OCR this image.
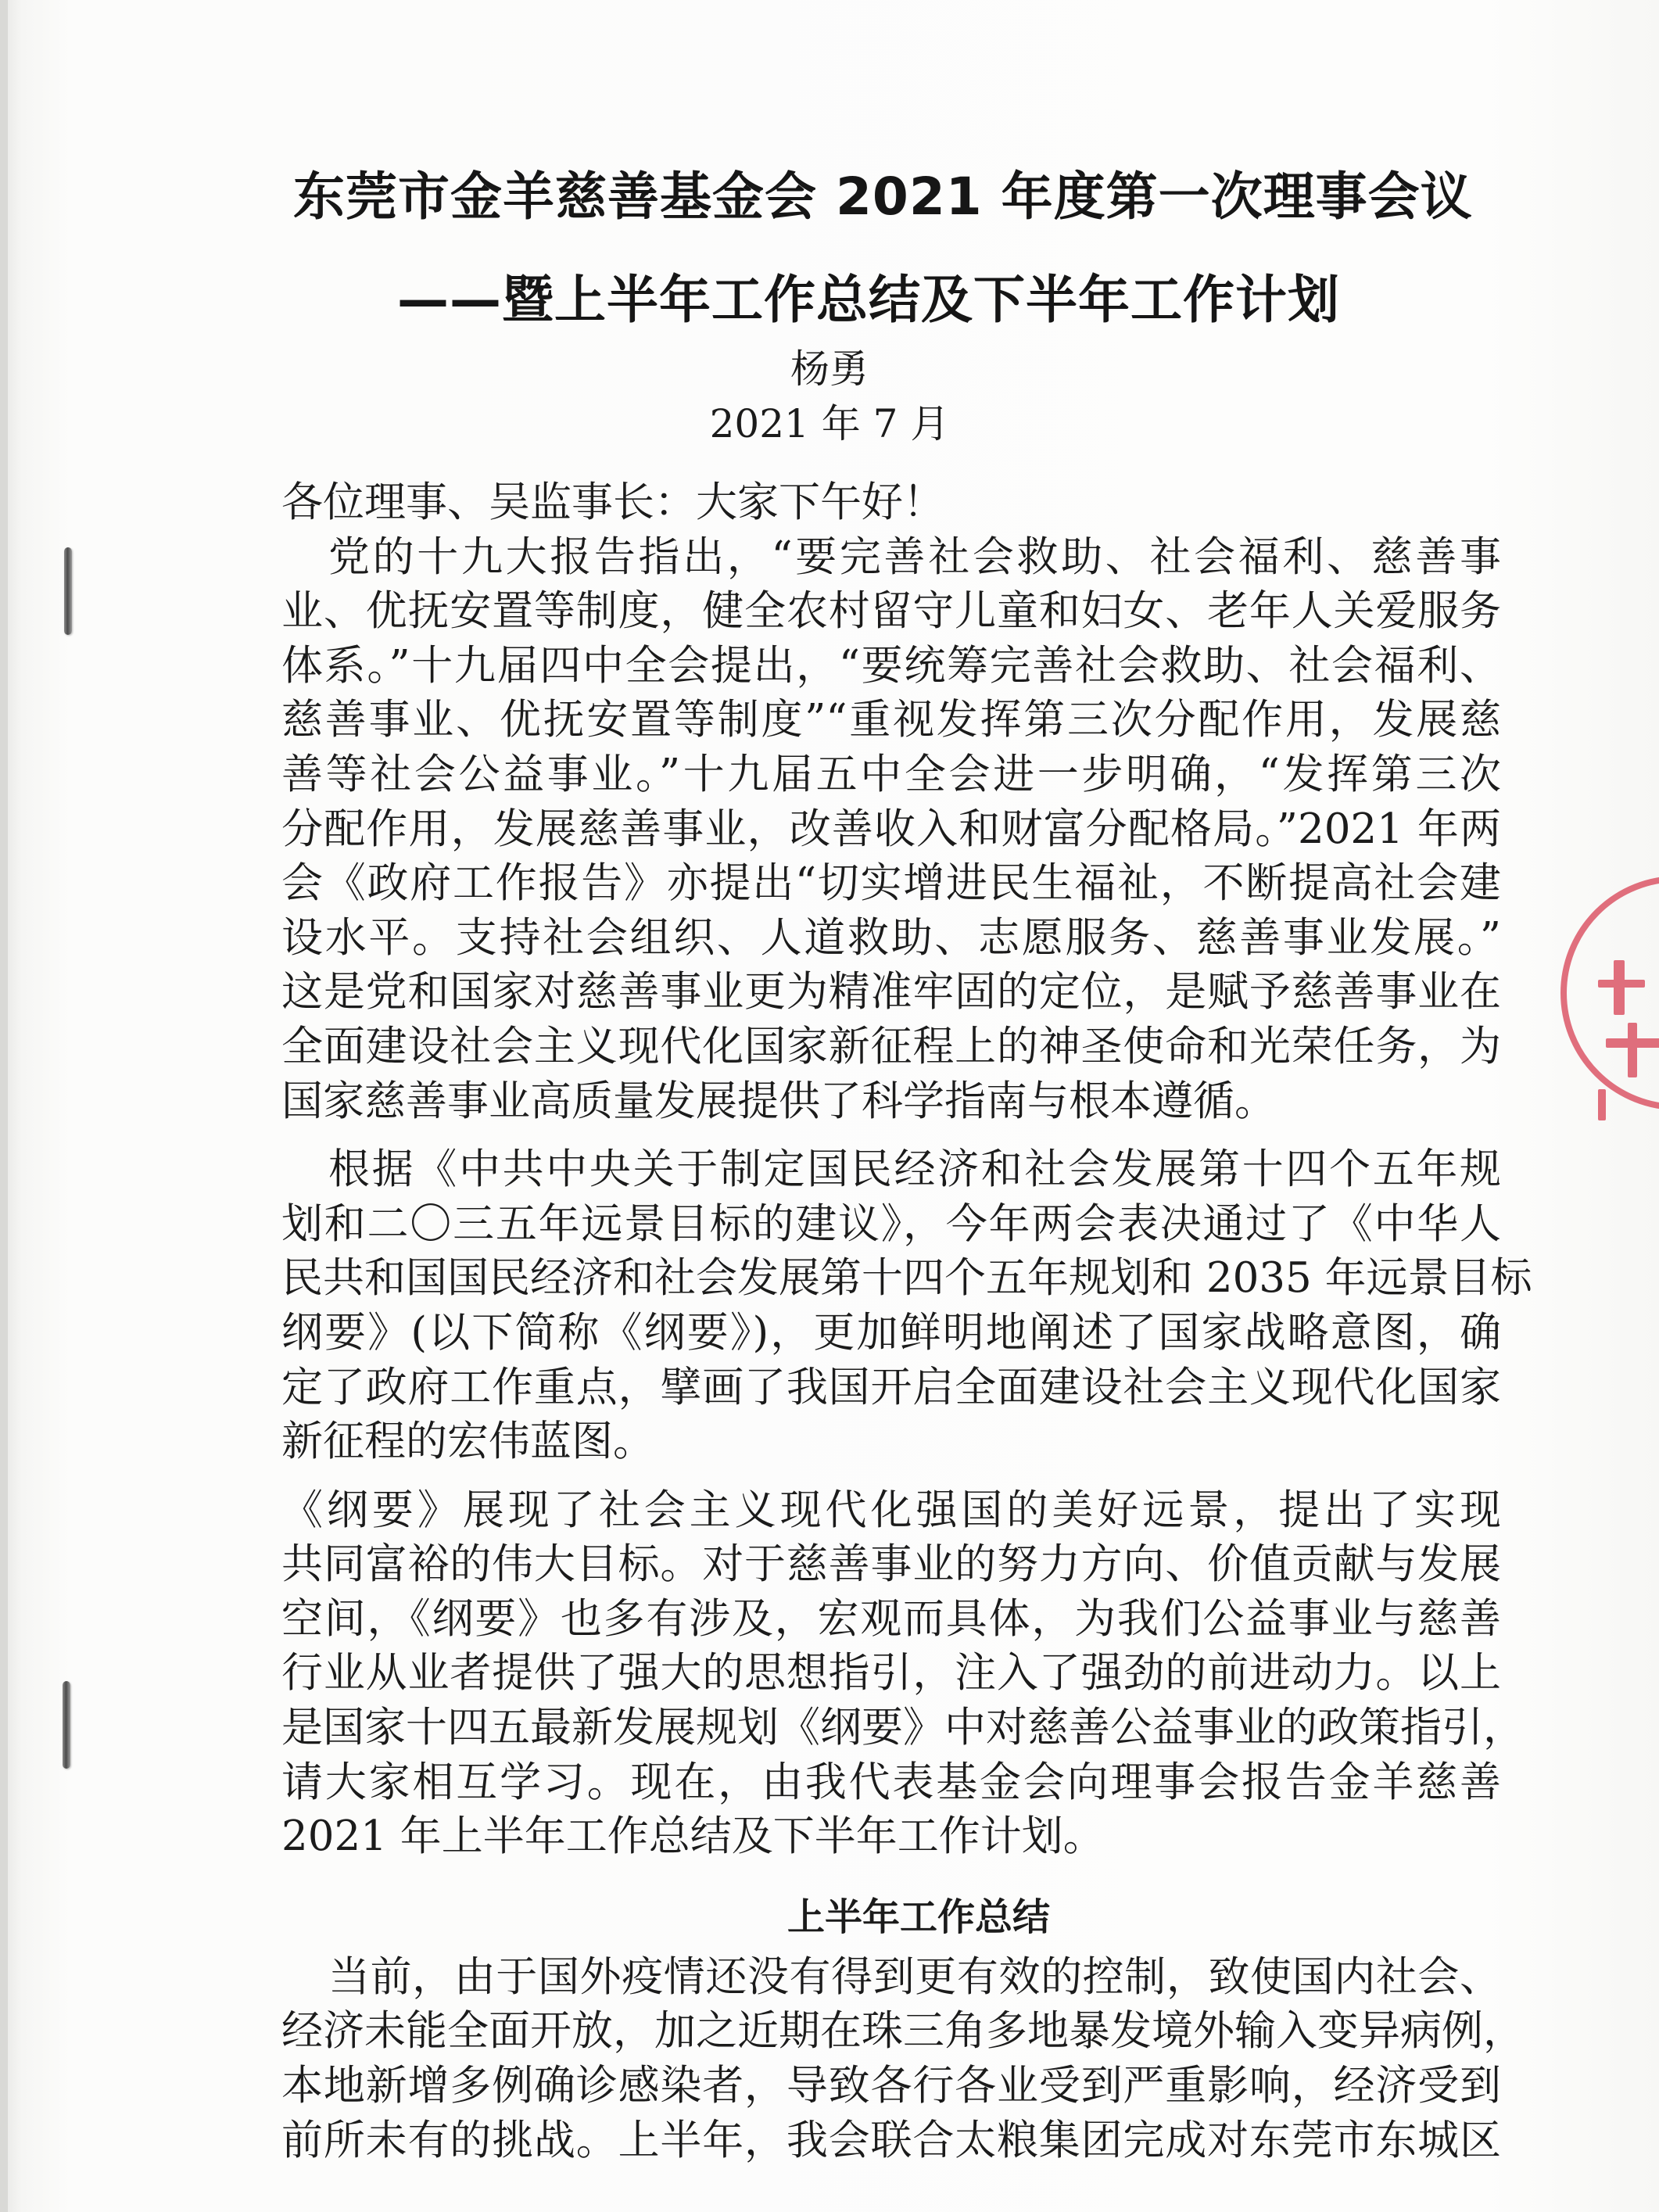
东莞市金羊慈善基金会 2021 年度第一次理事会议
——暨上半年工作总结及下半年工作计划
杨勇
2021 年 7 月
各位理事、吴监事长：大家下午好！
党的十九大报告指出，“要完善社会救助、社会福利、慈善事
业、优抚安置等制度，健全农村留守儿童和妇女、老年人关爱服务
体系。”十九届四中全会提出，“要统筹完善社会救助、社会福利、
慈善事业、优抚安置等制度”“重视发挥第三次分配作用，发展慈
善等社会公益事业。”十九届五中全会进一步明确，“发挥第三次
分配作用，发展慈善事业，改善收入和财富分配格局。”2021 年两
会《政府工作报告》亦提出“切实增进民生福祉，不断提高社会建
设水平。支持社会组织、人道救助、志愿服务、慈善事业发展。”
这是党和国家对慈善事业更为精准牢固的定位，是赋予慈善事业在
全面建设社会主义现代化国家新征程上的神圣使命和光荣任务，为
国家慈善事业高质量发展提供了科学指南与根本遵循。
根据《中共中央关于制定国民经济和社会发展第十四个五年规
划和二〇三五年远景目标的建议》，今年两会表决通过了《中华人
民共和国国民经济和社会发展第十四个五年规划和 2035 年远景目标
纲要》(以下简称《纲要》)，更加鲜明地阐述了国家战略意图，确
定了政府工作重点，擘画了我国开启全面建设社会主义现代化国家
新征程的宏伟蓝图。
《纲要》展现了社会主义现代化强国的美好远景，提出了实现
共同富裕的伟大目标。对于慈善事业的努力方向、价值贡献与发展
空间，《纲要》也多有涉及，宏观而具体，为我们公益事业与慈善
行业从业者提供了强大的思想指引，注入了强劲的前进动力。以上
是国家十四五最新发展规划《纲要》中对慈善公益事业的政策指引，
请大家相互学习。现在，由我代表基金会向理事会报告金羊慈善
2021 年上半年工作总结及下半年工作计划。
上半年工作总结
当前，由于国外疫情还没有得到更有效的控制，致使国内社会、
经济未能全面开放，加之近期在珠三角多地暴发境外输入变异病例，
本地新增多例确诊感染者，导致各行各业受到严重影响，经济受到
前所未有的挑战。上半年，我会联合太粮集团完成对东莞市东城区
